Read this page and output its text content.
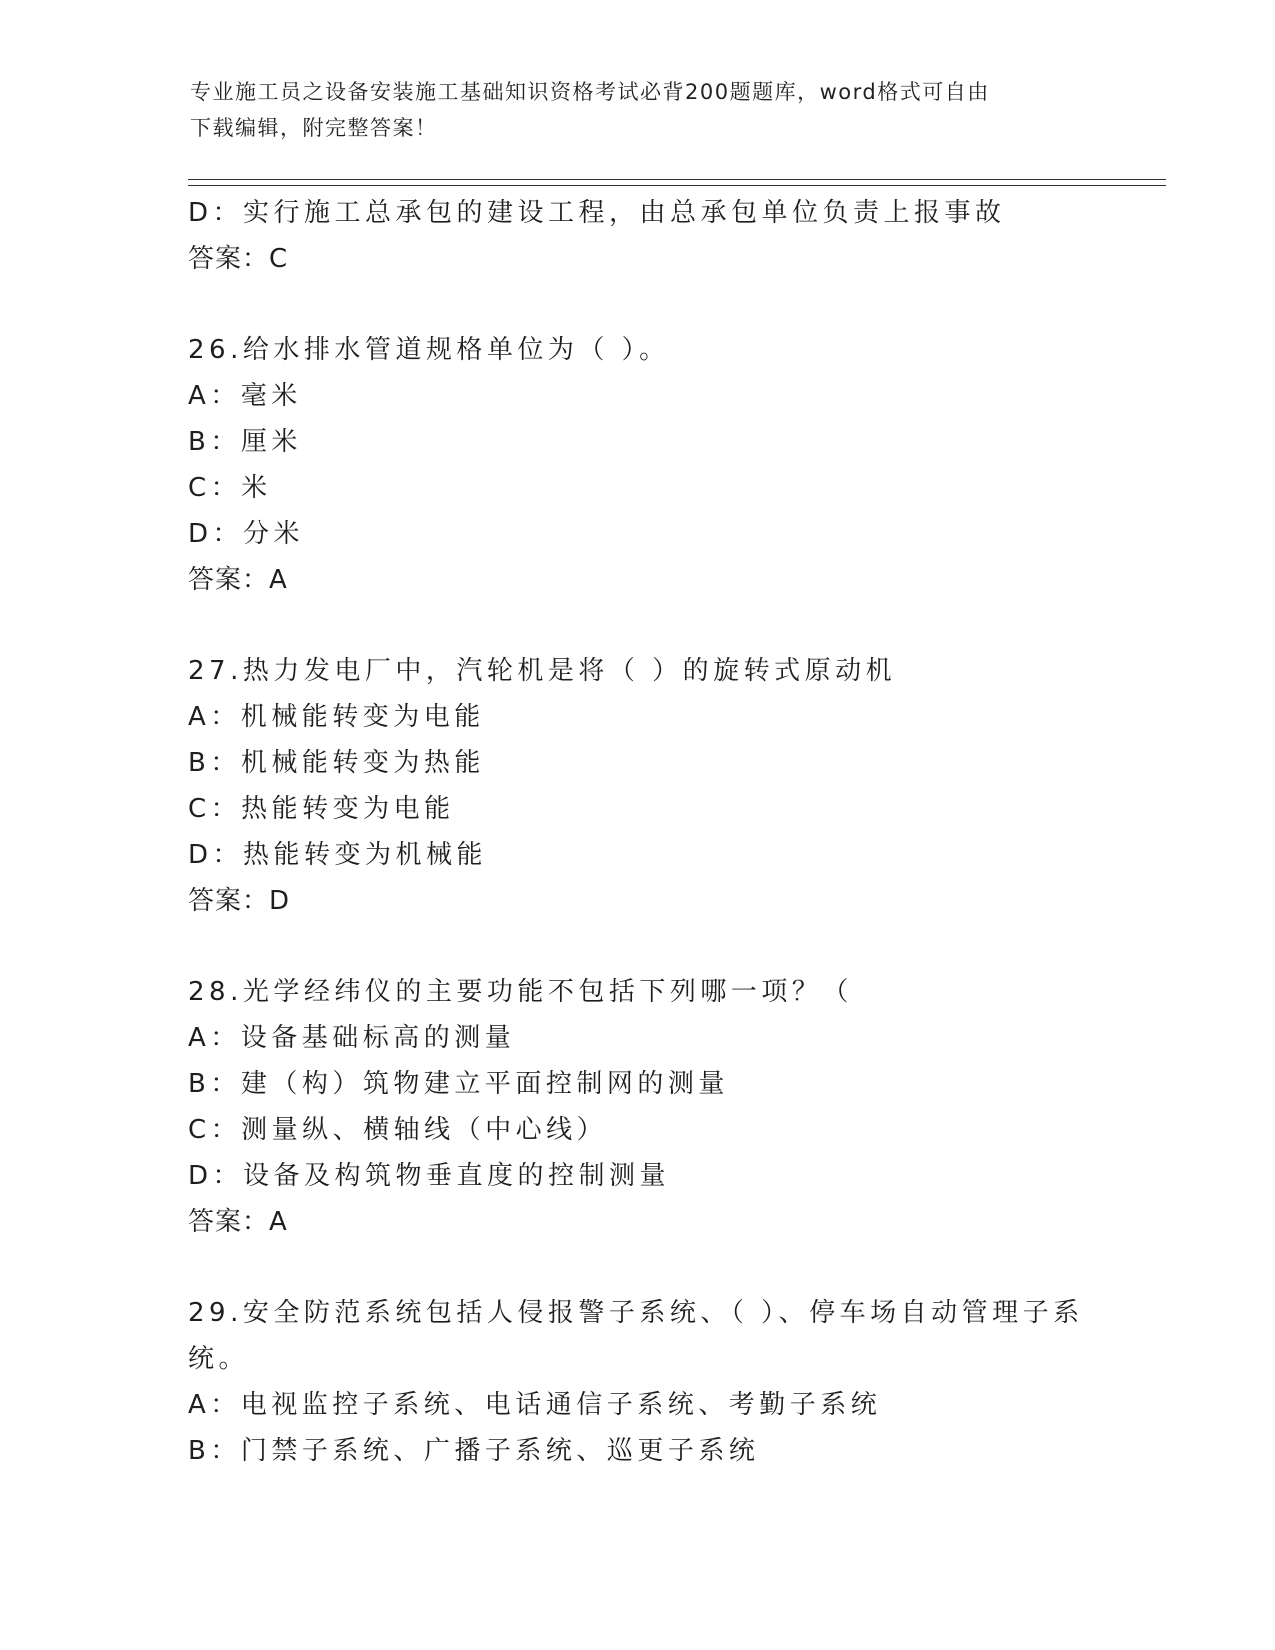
专业施工员之设备安装施工基础知识资格考试必背200题题库，word格式可自由
下载编辑，附完整答案！
D：实行施工总承包的建设工程，由总承包单位负责上报事故
答案：C
26.给水排水管道规格单位为（ ）。
A：毫米
B：厘米
C：米
D：分米
答案：A
27.热力发电厂中，汽轮机是将（ ）的旋转式原动机
A：机械能转变为电能
B：机械能转变为热能
C：热能转变为电能
D：热能转变为机械能
答案：D
28.光学经纬仪的主要功能不包括下列哪一项？（
A：设备基础标高的测量
B：建（构）筑物建立平面控制网的测量
C：测量纵、横轴线（中心线）
D：设备及构筑物垂直度的控制测量
答案：A
29.安全防范系统包括人侵报警子系统、（ ）、停车场自动管理子系
统。
A：电视监控子系统、电话通信子系统、考勤子系统
B：门禁子系统、广播子系统、巡更子系统
